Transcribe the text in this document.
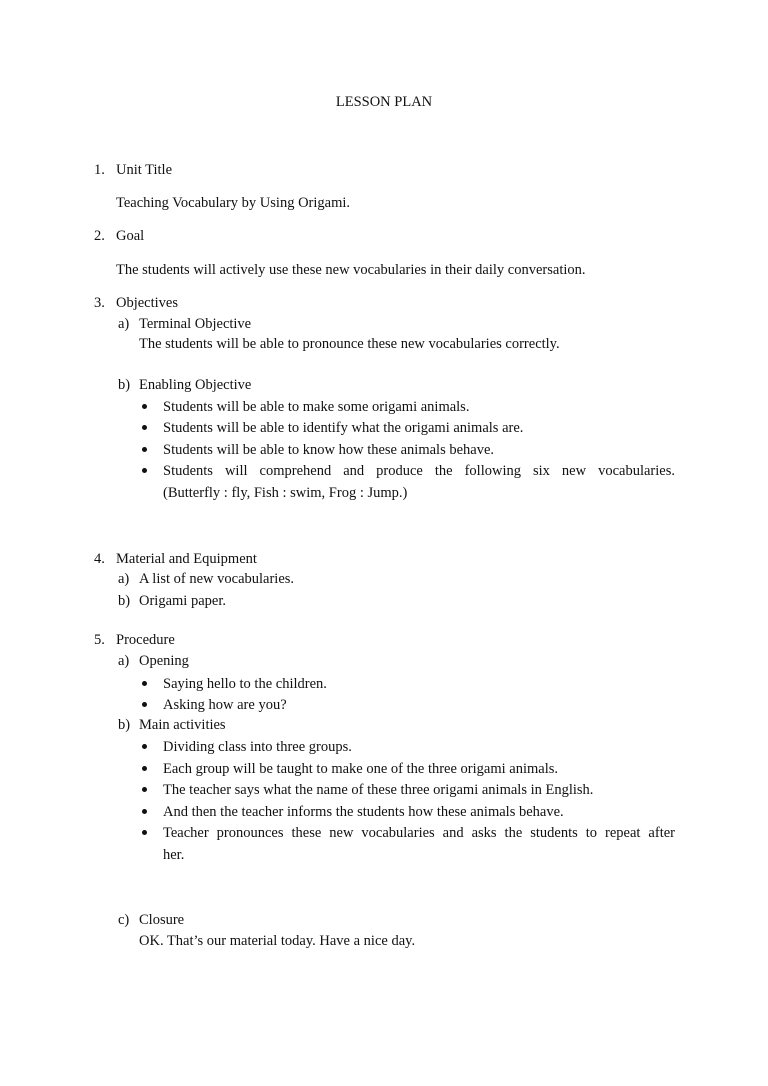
LESSON PLAN
1. Unit Title
Teaching Vocabulary by Using Origami.
2. Goal
The students will actively use these new vocabularies in their daily conversation.
3. Objectives
a) Terminal Objective
The students will be able to pronounce these new vocabularies correctly.
b) Enabling Objective
Students will be able to make some origami animals.
Students will be able to identify what the origami animals are.
Students will be able to know how these animals behave.
Students will comprehend and produce the following six new vocabularies.
(Butterfly : fly, Fish : swim, Frog : Jump.)
4. Material and Equipment
a) A list of new vocabularies.
b) Origami paper.
5. Procedure
a) Opening
Saying hello to the children.
Asking how are you?
b) Main activities
Dividing class into three groups.
Each group will be taught to make one of the three origami animals.
The teacher says what the name of these three origami animals in English.
And then the teacher informs the students how these animals behave.
Teacher pronounces these new vocabularies and asks the students to repeat after
her.
c) Closure
OK. That’s our material today. Have a nice day.
